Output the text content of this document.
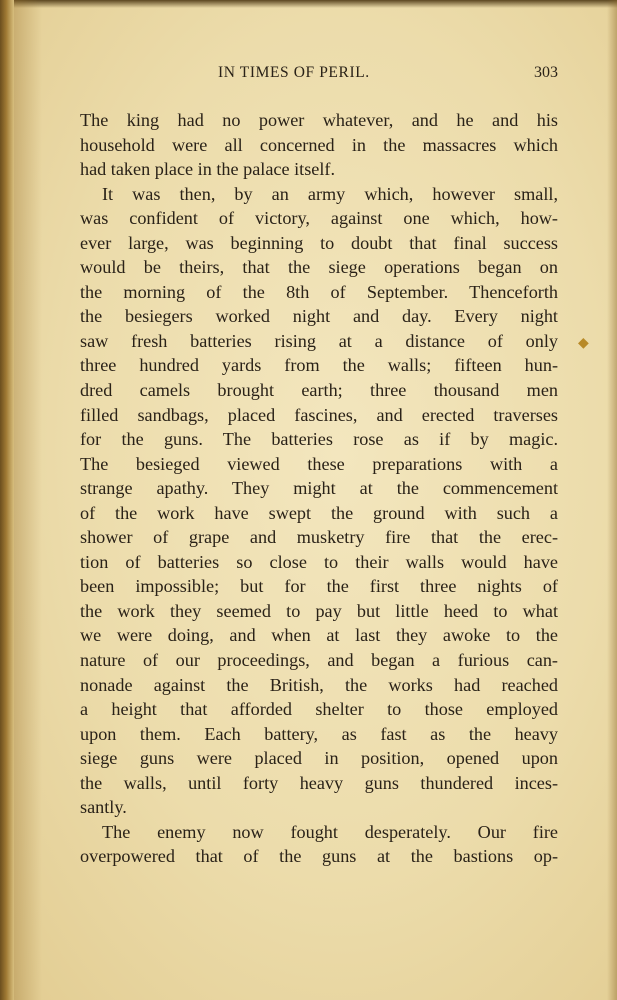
IN TIMES OF PERIL.	303
The king had no power whatever, and he and his
household were all concerned in the massacres which
had taken place in the palace itself.
It was then, by an army which, however small,
was confident of victory, against one which, how-
ever large, was beginning to doubt that final success
would be theirs, that the siege operations began on
the morning of the 8th of September. Thenceforth
the besiegers worked night and day. Every night
saw fresh batteries rising at a distance of only
three hundred yards from the walls; fifteen hun-
dred camels brought earth; three thousand men
filled sandbags, placed fascines, and erected traverses
for the guns. The batteries rose as if by magic.
The besieged viewed these preparations with a
strange apathy. They might at the commencement
of the work have swept the ground with such a
shower of grape and musketry fire that the erec-
tion of batteries so close to their walls would have
been impossible; but for the first three nights of
the work they seemed to pay but little heed to what
we were doing, and when at last they awoke to the
nature of our proceedings, and began a furious can-
nonade against the British, the works had reached
a height that afforded shelter to those employed
upon them. Each battery, as fast as the heavy
siege guns were placed in position, opened upon
the walls, until forty heavy guns thundered inces-
santly.
The enemy now fought desperately. Our fire
overpowered that of the guns at the bastions op-
◆
